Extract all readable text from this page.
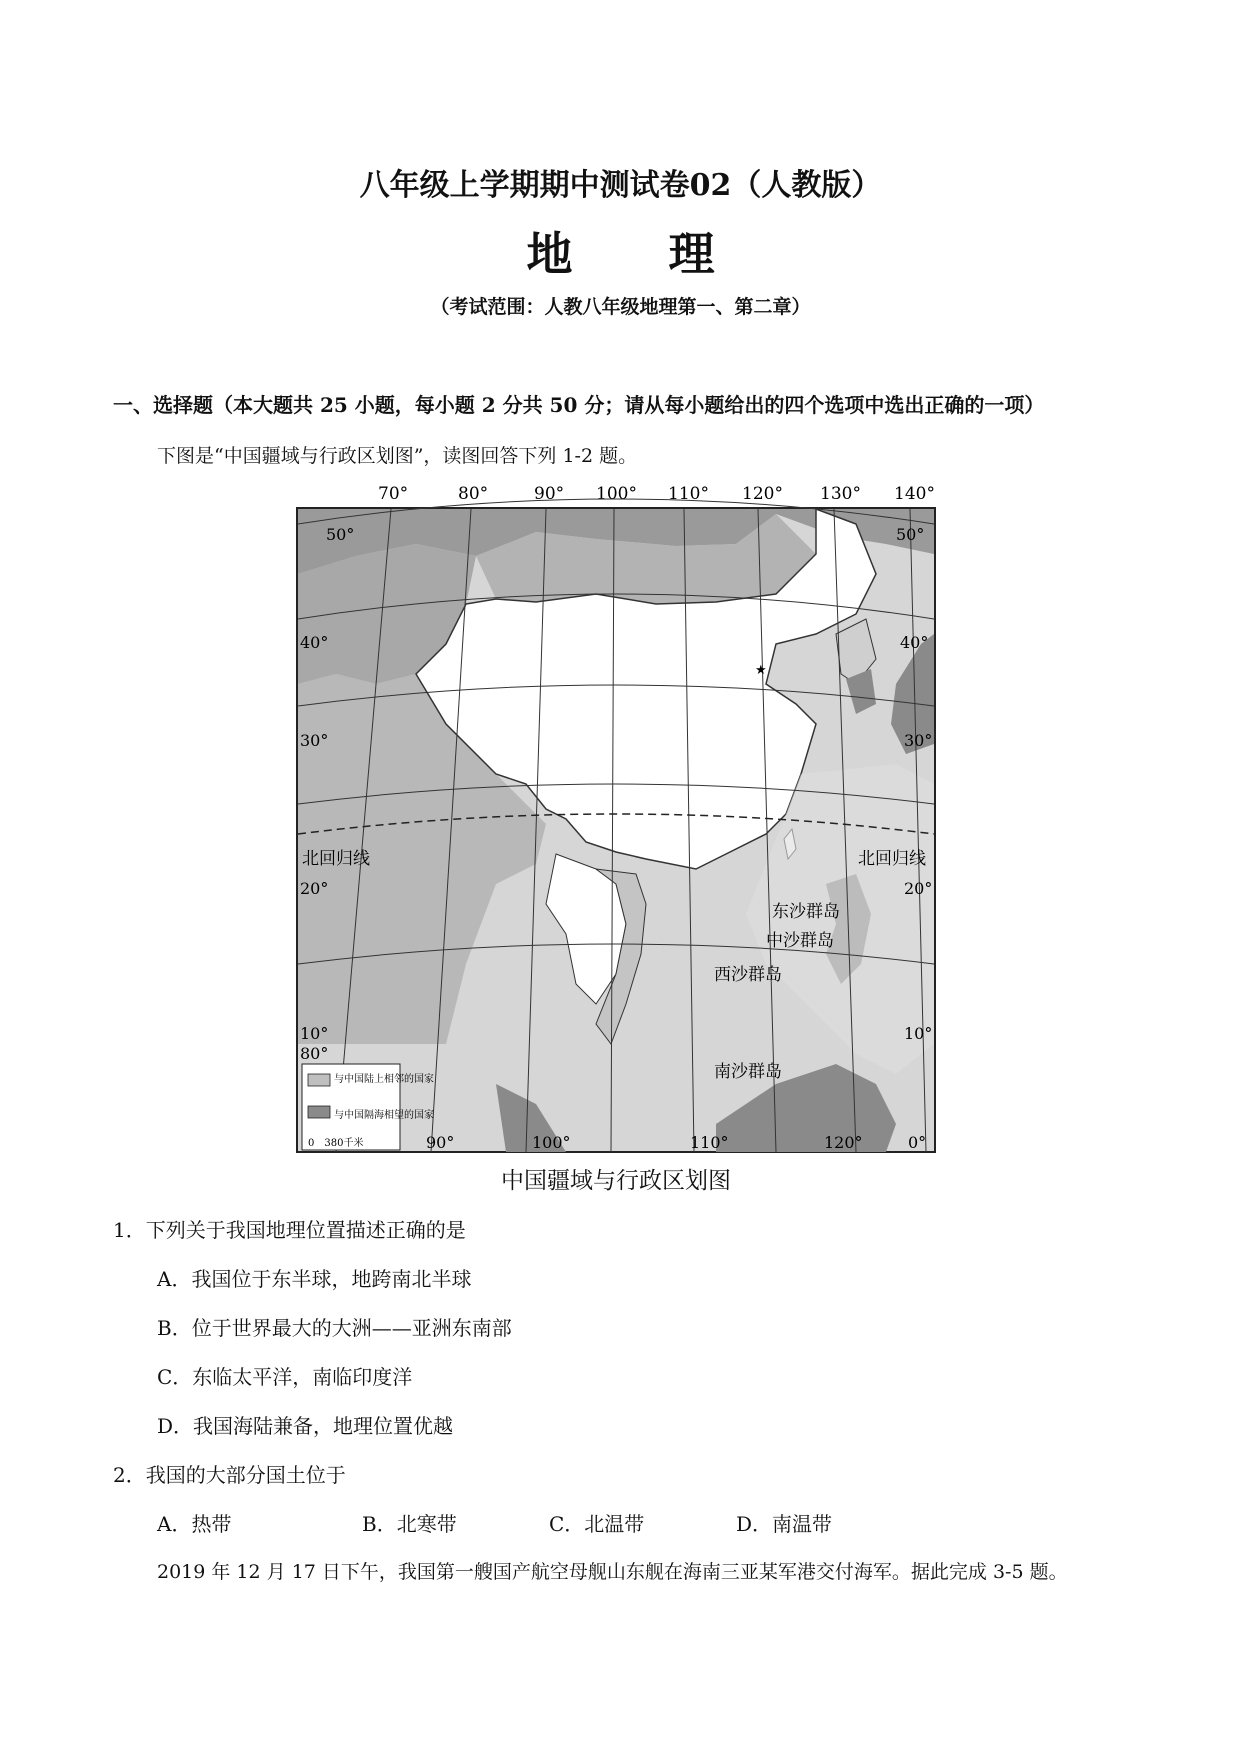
八年级上学期期中测试卷02（人教版）
地 理
（考试范围：人教八年级地理第一、第二章）
一、选择题（本大题共 25 小题，每小题 2 分共 50 分；请从每小题给出的四个选项中选出正确的一项）
下图是“中国疆域与行政区划图”，读图回答下列 1-2 题。
70°	80°	90° 100° 110° 120° 130° 140°
50°	50°
40°	40°
30°	30°
20°	20°
10°	10°
80°
北回归线	北回归线
东沙群岛
中沙群岛
西沙群岛
南沙群岛
★
与中国陆上相邻的国家
与中国隔海相望的国家
0　380千米	90°	100°	110°	120°	0°
中国疆域与行政区划图
1．下列关于我国地理位置描述正确的是
A．我国位于东半球，地跨南北半球
B．位于世界最大的大洲——亚洲东南部
C．东临太平洋，南临印度洋
D．我国海陆兼备，地理位置优越
2．我国的大部分国土位于
A．热带	B．北寒带	C．北温带	D．南温带
2019 年 12 月 17 日下午，我国第一艘国产航空母舰山东舰在海南三亚某军港交付海军。据此完成 3-5 题。
